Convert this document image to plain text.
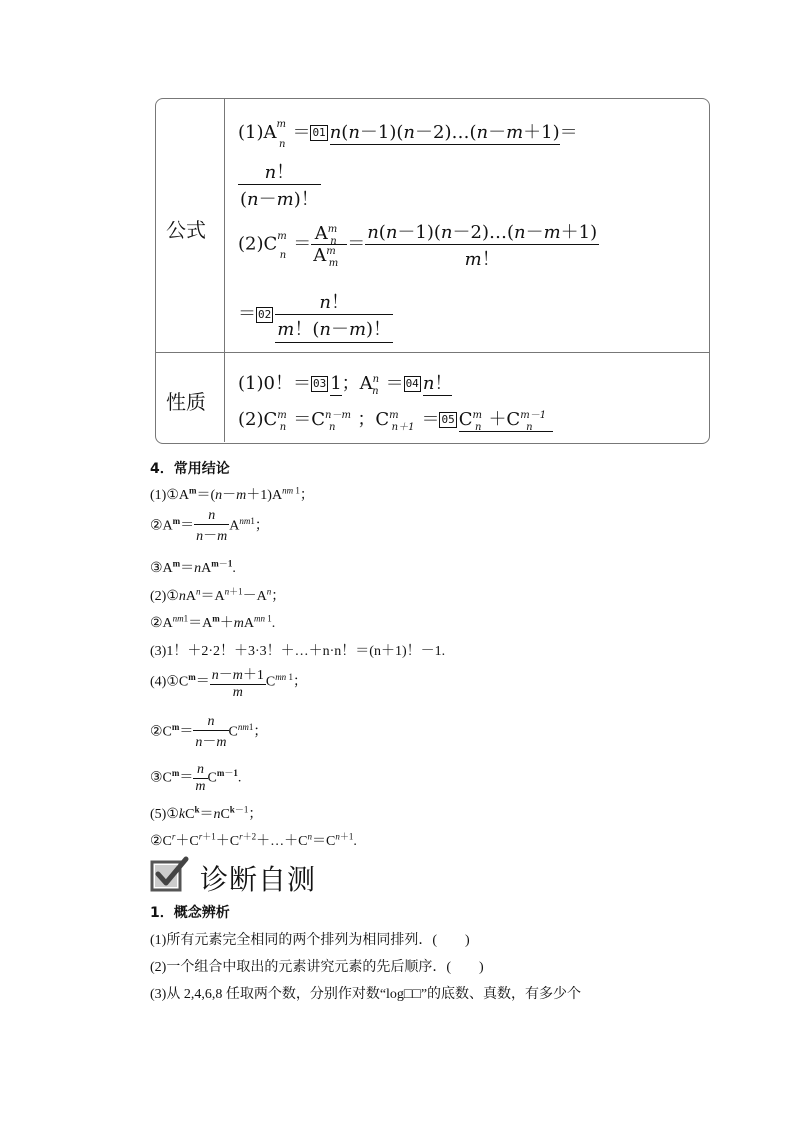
公式
性质
$(1)A^m_n= 01$ n(n－1)(n－2)…(n－m＋1)＝
$\frac{n!}{(n-m)!}$
$(2)C^m_n= \frac{A^m_n}{A^m_m} = \frac{n(n-1)(n-2)\dots(n-m+1)}{m!}$
＝ $02 \frac{n!}{m!(n-m)!}$
(1)0！＝ 03 1；$A^n_n = 04$ n！
$(2)C^m_n =C^{n-m}_n$ ；$C^m_{n+1} = 05$ $C^m_n +C^{m-1}_n$
4．常用结论
$(1)①A^m=(n-m+1)A^{nm 1}$；
$②A^m= \frac{n}{n-m} A^{nm1}$；
$③A^m=nA^{m-1}$.
$(2)①nA^n=A^{n+1}-A^n$；
$②A^{nm1}=A^m+mA^{mn 1}$.
(3)1！＋2·2！＋3·3！＋…＋n·n！＝(n＋1)！－1.
$(4)①C^m= \frac{n-m+1}{m} C^{mn 1}$；
$②C^m= \frac{n}{n-m} C^{nm1}$；
$③C^m= \frac{n}{m} C^{m-1}$.
$(5)①kC^k=nC^{k-1}$；
$②C^r+C^{r+1}+C^{r+2}+\dots+C^n=C^{n+1}$.
诊断自测
1．概念辨析
(1)所有元素完全相同的两个排列为相同排列．(　　)
(2)一个组合中取出的元素讲究元素的先后顺序．(　　)
(3)从 2,4,6,8 任取两个数，分别作对数“log□□”的底数、真数，有多少个
